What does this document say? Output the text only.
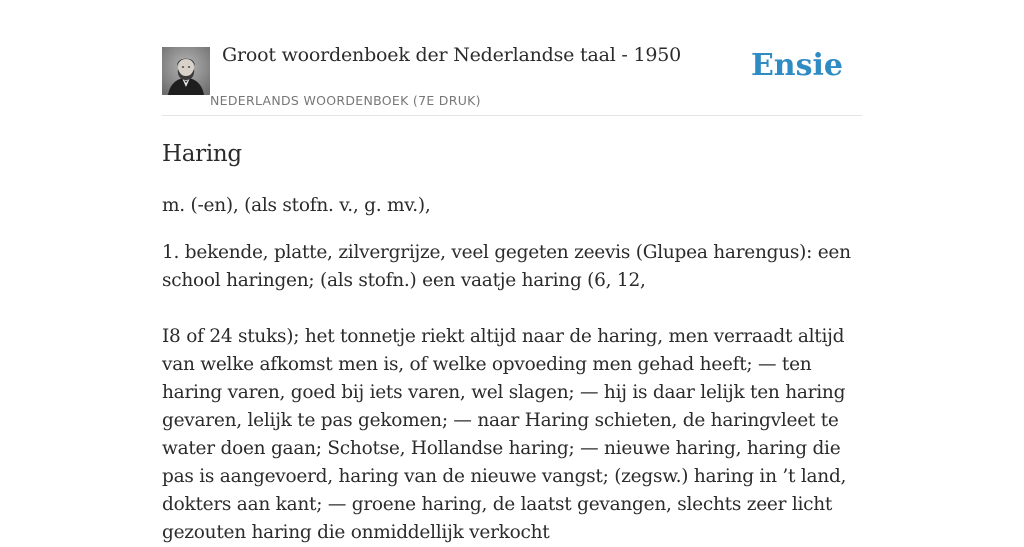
Groot woordenboek der Nederlandse taal - 1950
NEDERLANDS WOORDENBOEK (7E DRUK)
Ensie
Haring

m. (-en), (als stofn. v., g. mv.),

1. bekende, platte, zilvergrijze, veel gegeten zeevis (Glupea harengus): een school haringen; (als stofn.) een vaatje haring (6, 12,

I8 of 24 stuks); het tonnetje riekt altijd naar de haring, men verraadt altijd van welke afkomst men is, of welke opvoeding men gehad heeft; — ten haring varen, goed bij iets varen, wel slagen; — hij is daar lelijk ten haring gevaren, lelijk te pas gekomen; — naar Haring schieten, de haringvleet te water doen gaan; Schotse, Hollandse haring; — nieuwe haring, haring die pas is aangevoerd, haring van de nieuwe vangst; (zegsw.) haring in ’t land, dokters aan kant; — groene haring, de laatst gevangen, slechts zeer licht gezouten haring die onmiddellijk verkocht
